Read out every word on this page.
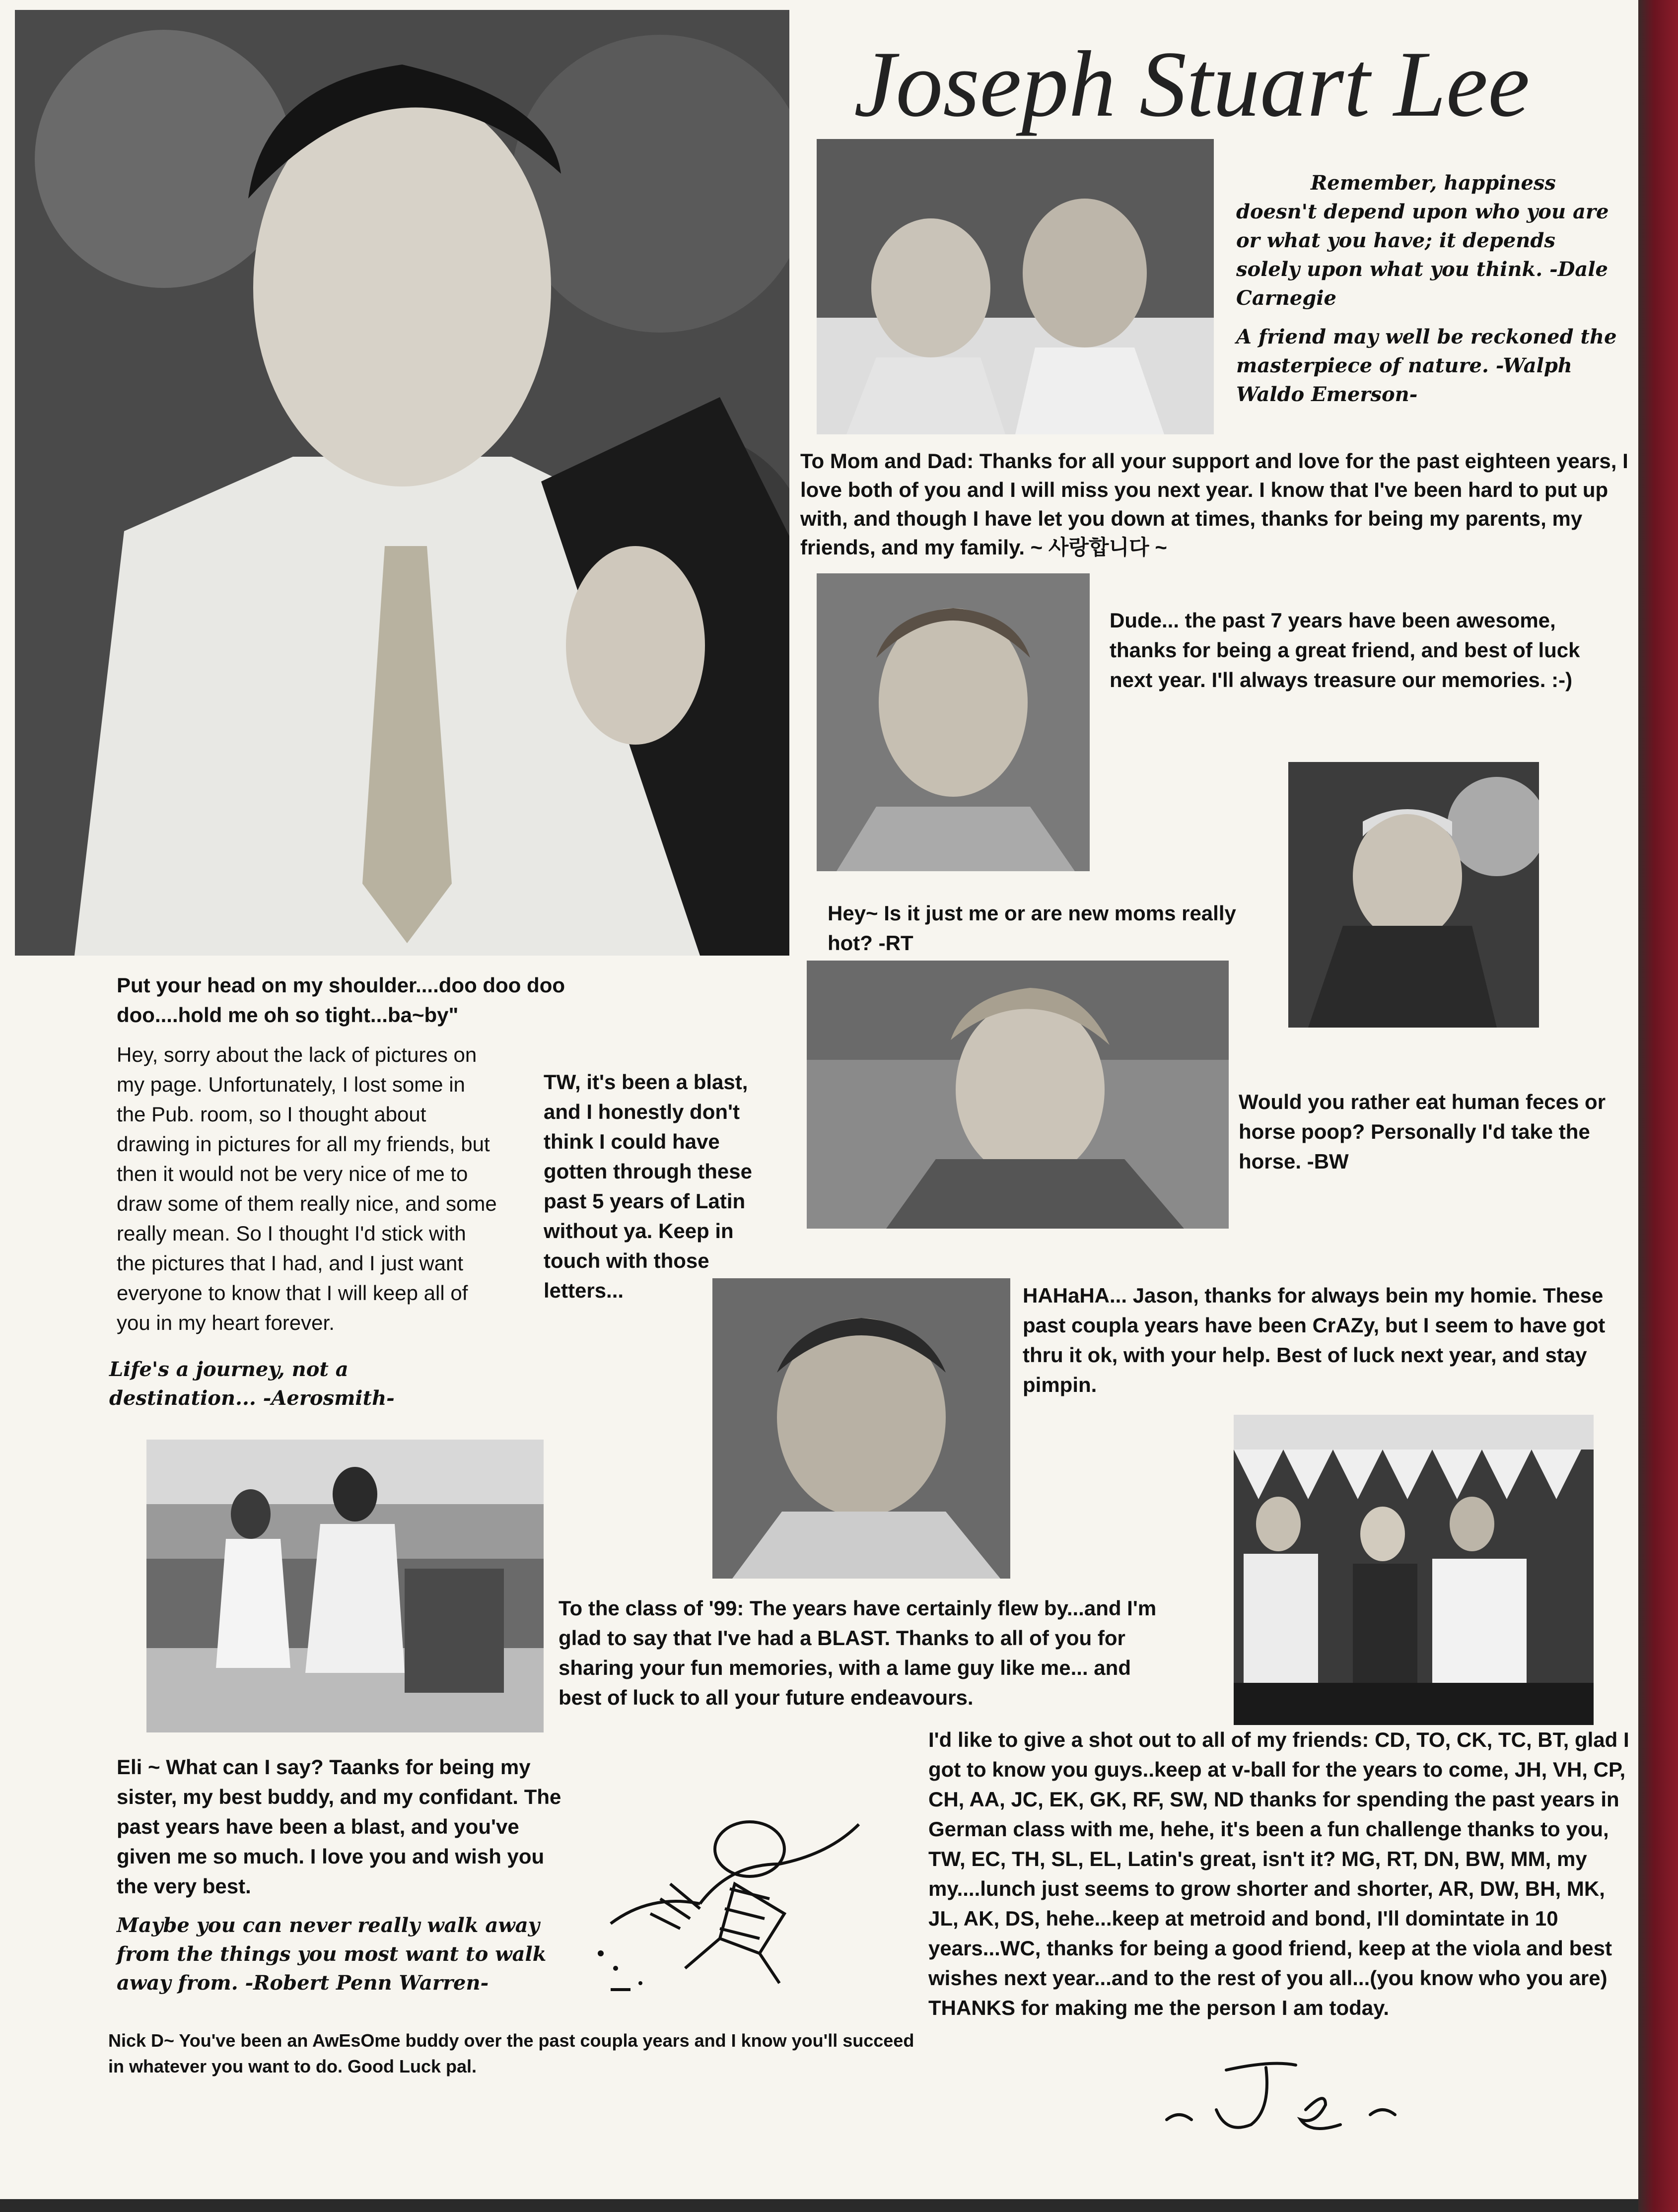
Joseph Stuart Lee
Remember, happiness doesn't depend upon who you are or what you have; it depends solely upon what you think. -Dale Carnegie
A friend may well be reckoned the masterpiece of nature. -Walph Waldo Emerson-
To Mom and Dad: Thanks for all your support and love for the past eighteen years, I love both of you and I will miss you next year. I know that I've been hard to put up with, and though I have let you down at times, thanks for being my parents, my friends, and my family. ~ 사랑합니다 ~
Dude... the past 7 years have been awesome, thanks for being a great friend, and best of luck next year. I'll always treasure our memories. :-)
Hey~ Is it just me or are new moms really hot? -RT
Would you rather eat human feces or horse poop? Personally I'd take the horse. -BW
Put your head on my shoulder....doo doo doo doo....hold me oh so tight...ba~by"
Hey, sorry about the lack of pictures on my page. Unfortunately, I lost some in the Pub. room, so I thought about drawing in pictures for all my friends, but then it would not be very nice of me to draw some of them really nice, and some really mean. So I thought I'd stick with the pictures that I had, and I just want everyone to know that I will keep all of you in my heart forever.
TW, it's been a blast, and I honestly don't think I could have gotten through these past 5 years of Latin without ya. Keep in touch with those letters...
Life's a journey, not a destination... -Aerosmith-
HAHaHA... Jason, thanks for always bein my homie. These past coupla years have been CrAZy, but I seem to have got thru it ok, with your help. Best of luck next year, and stay pimpin.
To the class of '99: The years have certainly flew by...and I'm glad to say that I've had a BLAST. Thanks to all of you for sharing your fun memories, with a lame guy like me... and best of luck to all your future endeavours.
I'd like to give a shot out to all of my friends: CD, TO, CK, TC, BT, glad I got to know you guys..keep at v-ball for the years to come, JH, VH, CP, CH, AA, JC, EK, GK, RF, SW, ND thanks for spending the past years in German class with me, hehe, it's been a fun challenge thanks to you, TW, EC, TH, SL, EL, Latin's great, isn't it? MG, RT, DN, BW, MM, my my....lunch just seems to grow shorter and shorter, AR, DW, BH, MK, JL, AK, DS, hehe...keep at metroid and bond, I'll domintate in 10 years...WC, thanks for being a good friend, keep at the viola and best wishes next year...and to the rest of you all...(you know who you are) THANKS for making me the person I am today.
Eli ~ What can I say? Taanks for being my sister, my best buddy, and my confidant. The past years have been a blast, and you've given me so much. I love you and wish you the very best.
Maybe you can never really walk away from the things you most want to walk away from. -Robert Penn Warren-
Nick D~ You've been an AwEsOme buddy over the past coupla years and I know you'll succeed in whatever you want to do. Good Luck pal.
